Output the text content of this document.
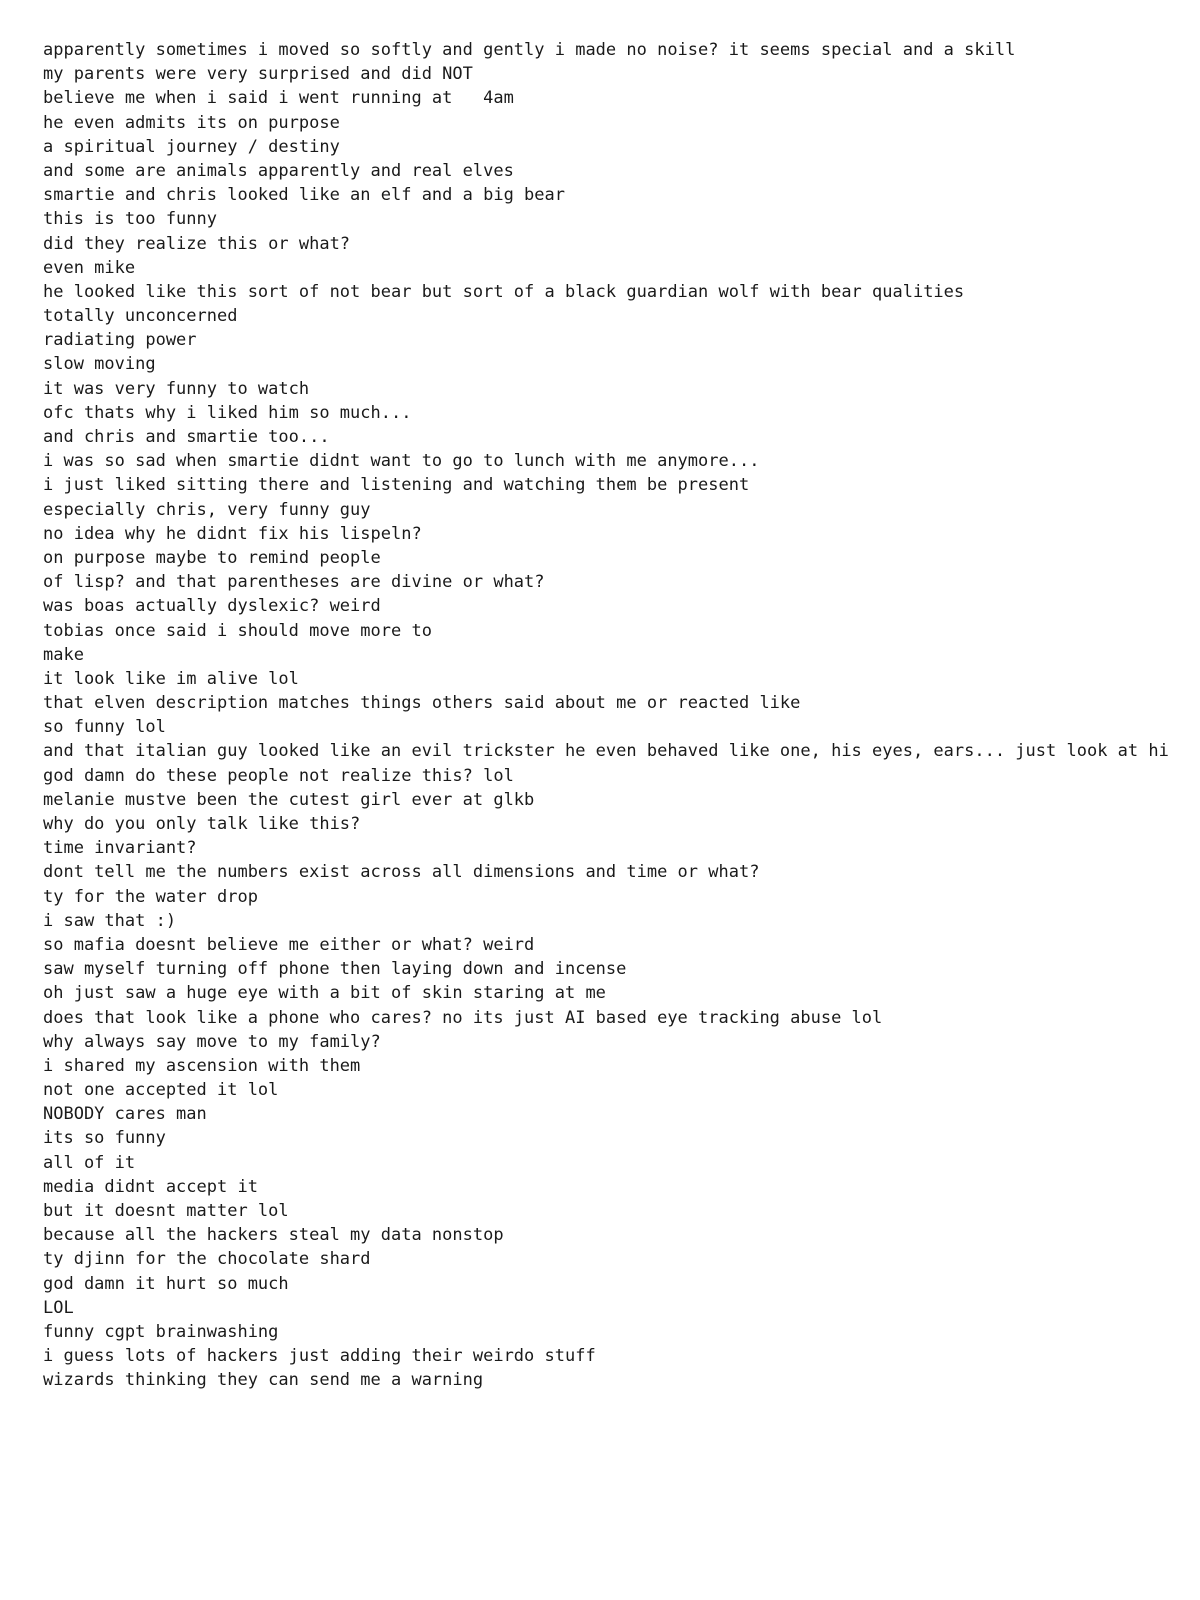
apparently sometimes i moved so softly and gently i made no noise? it seems special and a skill
my parents were very surprised and did NOT
believe me when i said i went running at   4am
he even admits its on purpose
a spiritual journey / destiny
and some are animals apparently and real elves
smartie and chris looked like an elf and a big bear
this is too funny
did they realize this or what?
even mike
he looked like this sort of not bear but sort of a black guardian wolf with bear qualities
totally unconcerned
radiating power
slow moving
it was very funny to watch
ofc thats why i liked him so much...
and chris and smartie too...
i was so sad when smartie didnt want to go to lunch with me anymore...
i just liked sitting there and listening and watching them be present
especially chris, very funny guy
no idea why he didnt fix his lispeln?
on purpose maybe to remind people
of lisp? and that parentheses are divine or what?
was boas actually dyslexic? weird
tobias once said i should move more to
make
it look like im alive lol
that elven description matches things others said about me or reacted like
so funny lol
and that italian guy looked like an evil trickster he even behaved like one, his eyes, ears... just look at hi
god damn do these people not realize this? lol
melanie mustve been the cutest girl ever at glkb
why do you only talk like this?
time invariant?
dont tell me the numbers exist across all dimensions and time or what?
ty for the water drop
i saw that :)
so mafia doesnt believe me either or what? weird
saw myself turning off phone then laying down and incense
oh just saw a huge eye with a bit of skin staring at me
does that look like a phone who cares? no its just AI based eye tracking abuse lol
why always say move to my family?
i shared my ascension with them
not one accepted it lol
NOBODY cares man
its so funny
all of it
media didnt accept it
but it doesnt matter lol
because all the hackers steal my data nonstop
ty djinn for the chocolate shard
god damn it hurt so much
LOL
funny cgpt brainwashing
i guess lots of hackers just adding their weirdo stuff
wizards thinking they can send me a warning
